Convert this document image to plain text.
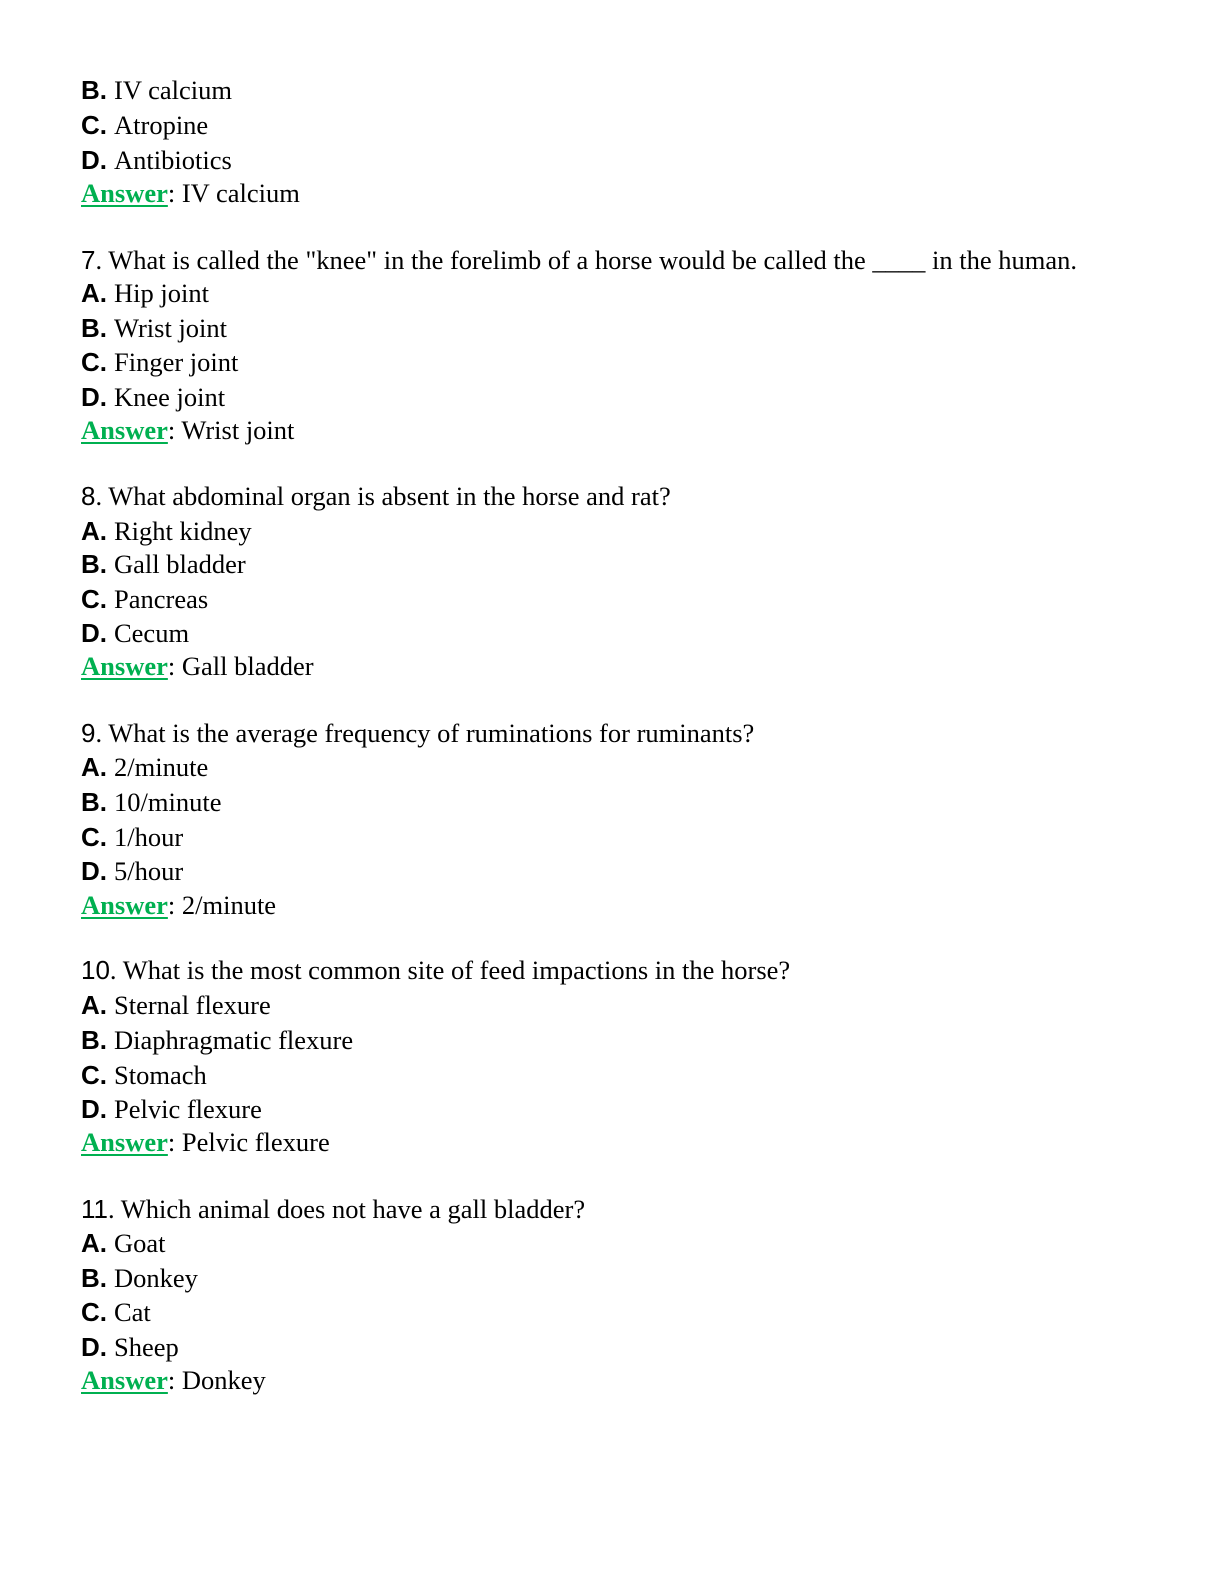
B. IV calcium
C. Atropine
D. Antibiotics
Answer: IV calcium
7. What is called the "knee" in the forelimb of a horse would be called the ____ in the human.
A. Hip joint
B. Wrist joint
C. Finger joint
D. Knee joint
Answer: Wrist joint
8. What abdominal organ is absent in the horse and rat?
A. Right kidney
B. Gall bladder
C. Pancreas
D. Cecum
Answer: Gall bladder
9. What is the average frequency of ruminations for ruminants?
A. 2/minute
B. 10/minute
C. 1/hour
D. 5/hour
Answer: 2/minute
10. What is the most common site of feed impactions in the horse?
A. Sternal flexure
B. Diaphragmatic flexure
C. Stomach
D. Pelvic flexure
Answer: Pelvic flexure
11. Which animal does not have a gall bladder?
A. Goat
B. Donkey
C. Cat
D. Sheep
Answer: Donkey
